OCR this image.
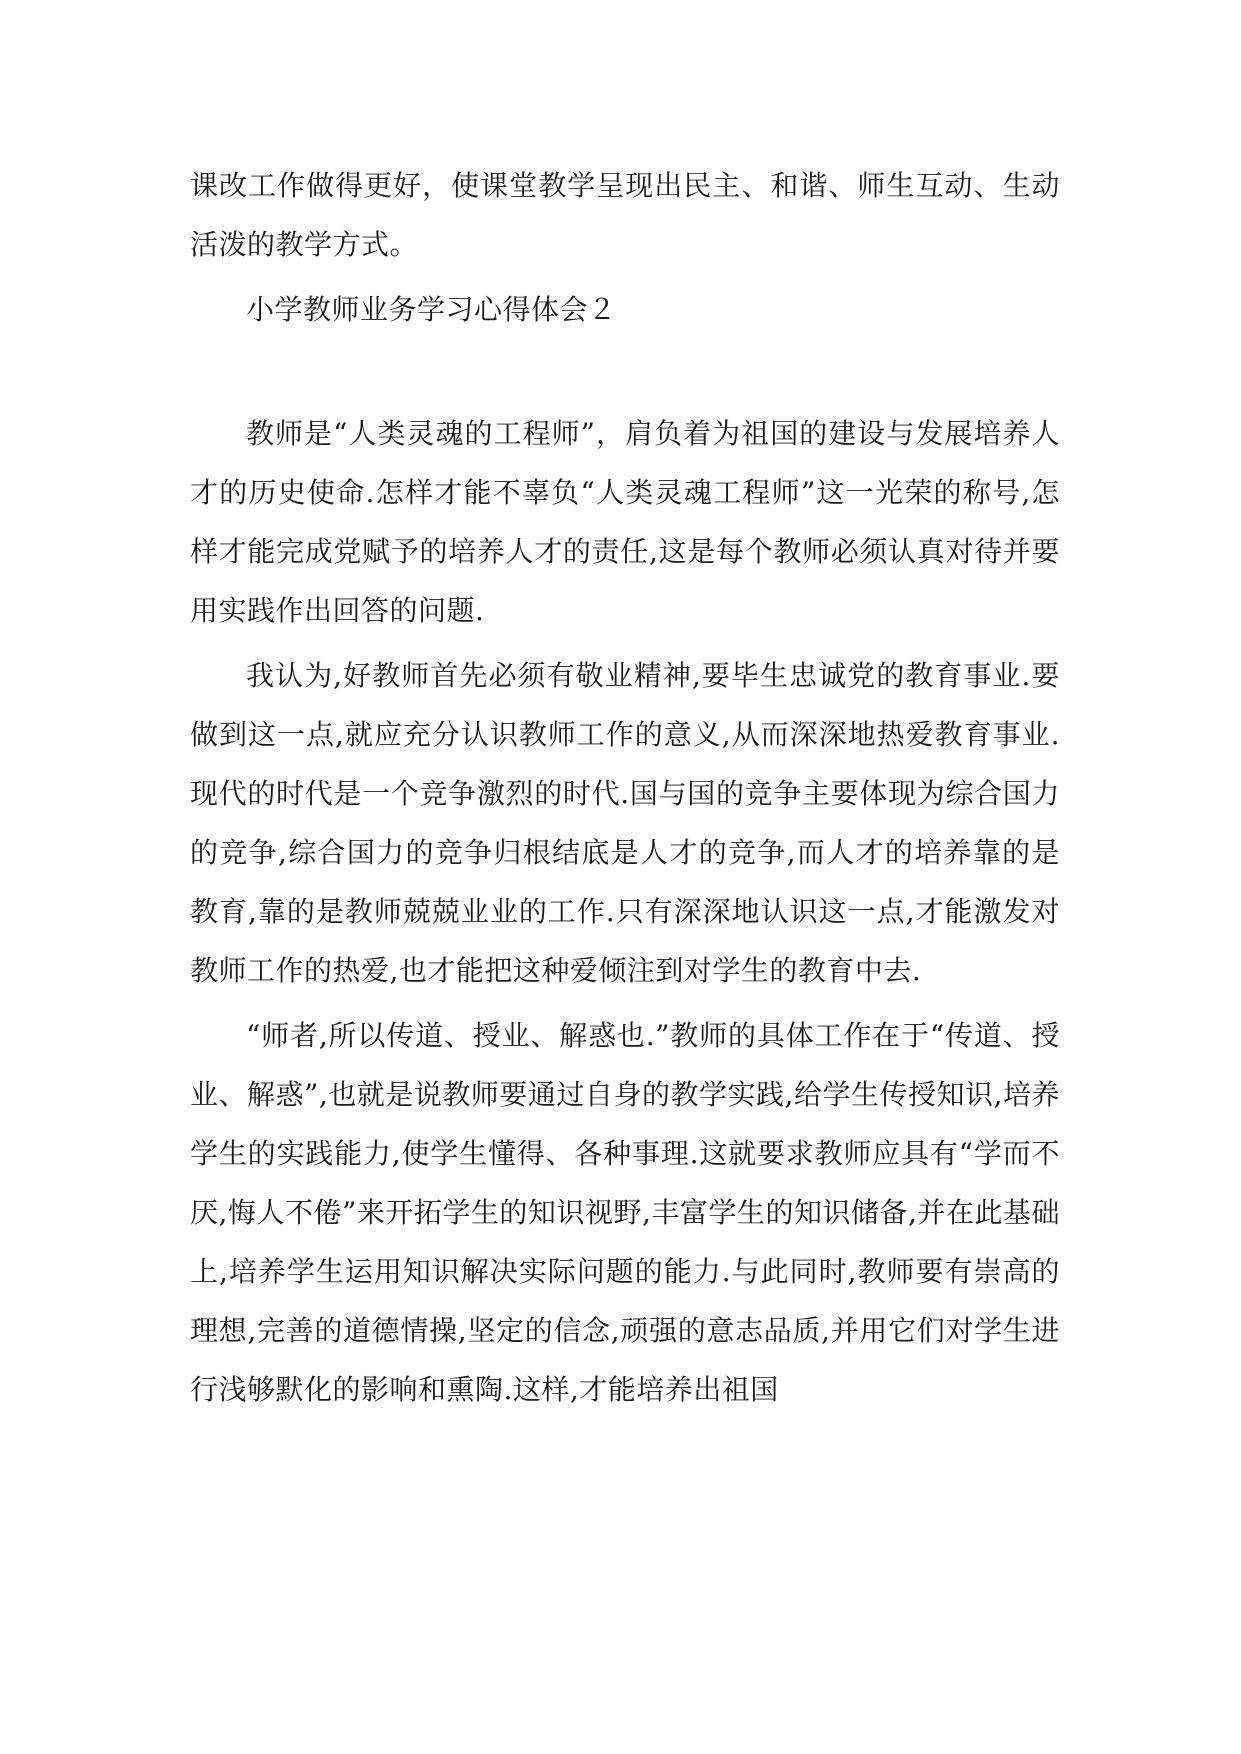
课改工作做得更好，使课堂教学呈现出民主、和谐、师生互动、生动活泼的教学方式。

小学教师业务学习心得体会２

教师是“人类灵魂的工程师”，肩负着为祖国的建设与发展培养人才的历史使命.怎样才能不辜负“人类灵魂工程师”这一光荣的称号,怎样才能完成党赋予的培养人才的责任,这是每个教师必须认真对待并要用实践作出回答的问题.

我认为,好教师首先必须有敬业精神,要毕生忠诚党的教育事业.要做到这一点,就应充分认识教师工作的意义,从而深深地热爱教育事业.现代的时代是一个竞争激烈的时代.国与国的竞争主要体现为综合国力的竞争,综合国力的竞争归根结底是人才的竞争,而人才的培养靠的是教育,靠的是教师兢兢业业的工作.只有深深地认识这一点,才能激发对教师工作的热爱,也才能把这种爱倾注到对学生的教育中去.

“师者,所以传道、授业、解惑也.”教师的具体工作在于“传道、授业、解惑”,也就是说教师要通过自身的教学实践,给学生传授知识,培养学生的实践能力,使学生懂得、各种事理.这就要求教师应具有“学而不厌,悔人不倦”来开拓学生的知识视野,丰富学生的知识储备,并在此基础上,培养学生运用知识解决实际问题的能力.与此同时,教师要有崇高的理想,完善的道德情操,坚定的信念,顽强的意志品质,并用它们对学生进行浅够默化的影响和熏陶.这样,才能培养出祖国
